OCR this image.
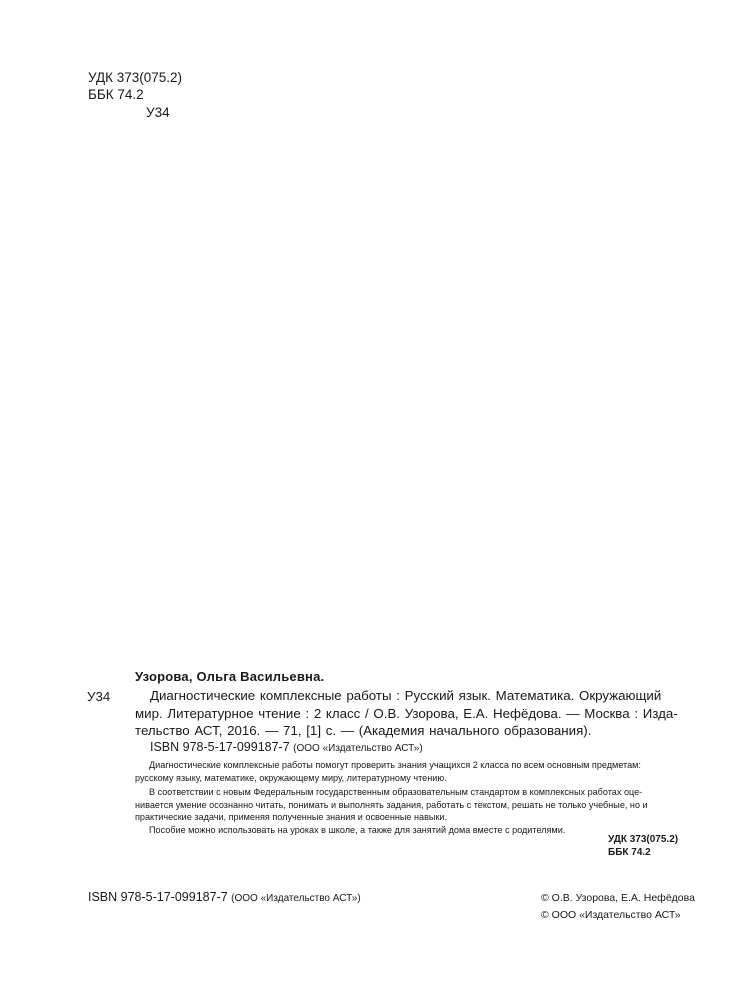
УДК 373(075.2)
ББК 74.2
У34
Узорова, Ольга Васильевна.
У34	Диагностические комплексные работы : Русский язык. Математика. Окружающий
мир. Литературное чтение : 2 класс / О.В. Узорова, Е.А. Нефёдова. — Москва : Изда-
тельство АСТ, 2016. — 71, [1] с. — (Академия начального образования).
ISBN 978-5-17-099187-7 (ООО «Издательство АСТ»)
Диагностические комплексные работы помогут проверить знания учащихся 2 класса по всем основным предметам:
русскому языку, математике, окружающему миру, литературному чтению.
В соответствии с новым Федеральным государственным образовательным стандартом в комплексных работах оце-
нивается умение осознанно читать, понимать и выполнять задания, работать с текстом, решать не только учебные, но и
практические задачи, применяя полученные знания и освоенные навыки.
Пособие можно использовать на уроках в школе, а также для занятий дома вместе с родителями.
УДК 373(075.2)
ББК 74.2
ISBN 978-5-17-099187-7 (ООО «Издательство АСТ»)	© О.В. Узорова, Е.А. Нефёдова
© ООО «Издательство АСТ»
